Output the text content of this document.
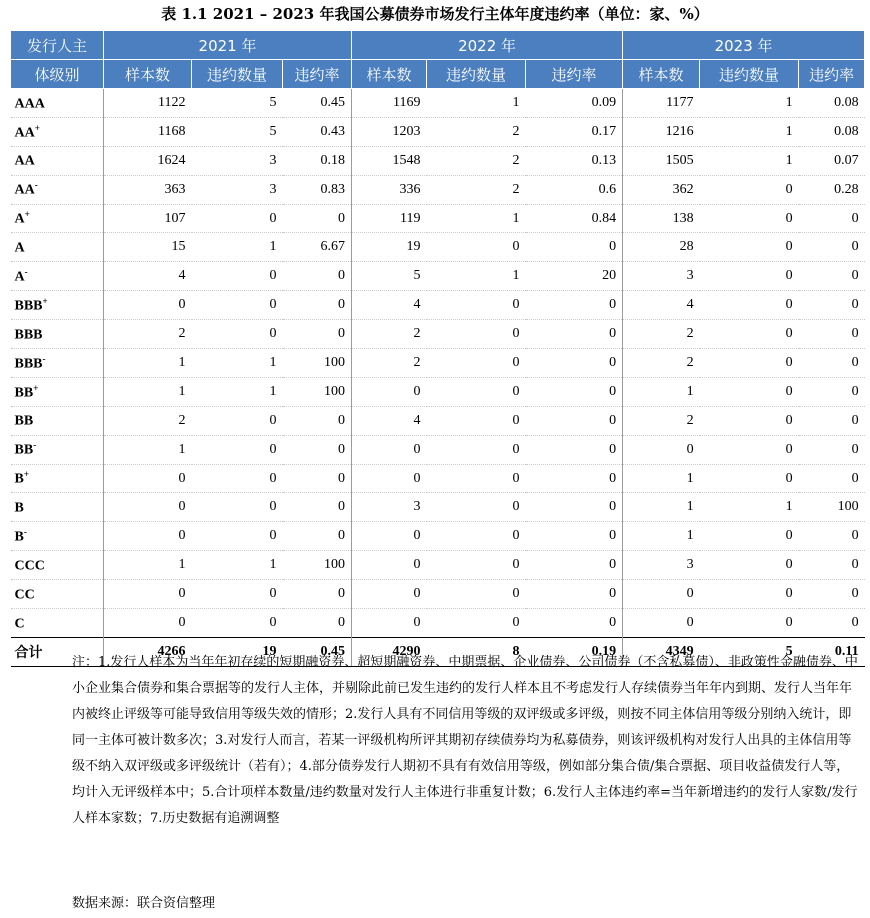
表 1.1 2021 – 2023 年我国公募债券市场发行主体年度违约率（单位：家、%）
发行人主	2021 年			2022 年			2023 年		
体级别	样本数	违约数量	违约率	样本数	违约数量	违约率	样本数	违约数量	违约率
AAA	1122	5	0.45	1169	1	0.09	1177	1	0.08
AA+	1168	5	0.43	1203	2	0.17	1216	1	0.08
AA	1624	3	0.18	1548	2	0.13	1505	1	0.07
AA-	363	3	0.83	336	2	0.6	362	0	0.28
A+	107	0	0	119	1	0.84	138	0	0
A	15	1	6.67	19	0	0	28	0	0
A-	4	0	0	5	1	20	3	0	0
BBB+	0	0	0	4	0	0	4	0	0
BBB	2	0	0	2	0	0	2	0	0
BBB-	1	1	100	2	0	0	2	0	0
BB+	1	1	100	0	0	0	1	0	0
BB	2	0	0	4	0	0	2	0	0
BB-	1	0	0	0	0	0	0	0	0
B+	0	0	0	0	0	0	1	0	0
B	0	0	0	3	0	0	1	1	100
B-	0	0	0	0	0	0	1	0	0
CCC	1	1	100	0	0	0	3	0	0
CC	0	0	0	0	0	0	0	0	0
C	0	0	0	0	0	0	0	0	0
合计	4266	19	0.45	4290	8	0.19	4349	5	0.11
注：1.发行人样本为当年年初存续的短期融资券、超短期融资券、中期票据、企业债券、公司债券（不含私募债）、非政策性金融债券、中小企业集合债券和集合票据等的发行人主体，并剔除此前已发生违约的发行人样本且不考虑发行人存续债券当年年内到期、发行人当年年内被终止评级等可能导致信用等级失效的情形；2.发行人具有不同信用等级的双评级或多评级，则按不同主体信用等级分别纳入统计，即同一主体可被计数多次；3.对发行人而言，若某一评级机构所评其期初存续债券均为私募债券，则该评级机构对发行人出具的主体信用等级不纳入双评级或多评级统计（若有）；4.部分债券发行人期初不具有有效信用等级，例如部分集合债/集合票据、项目收益债发行人等，均计入无评级样本中；5.合计项样本数量/违约数量对发行人主体进行非重复计数；6.发行人主体违约率=当年新增违约的发行人家数/发行人样本家数；7.历史数据有追溯调整
数据来源：联合资信整理
